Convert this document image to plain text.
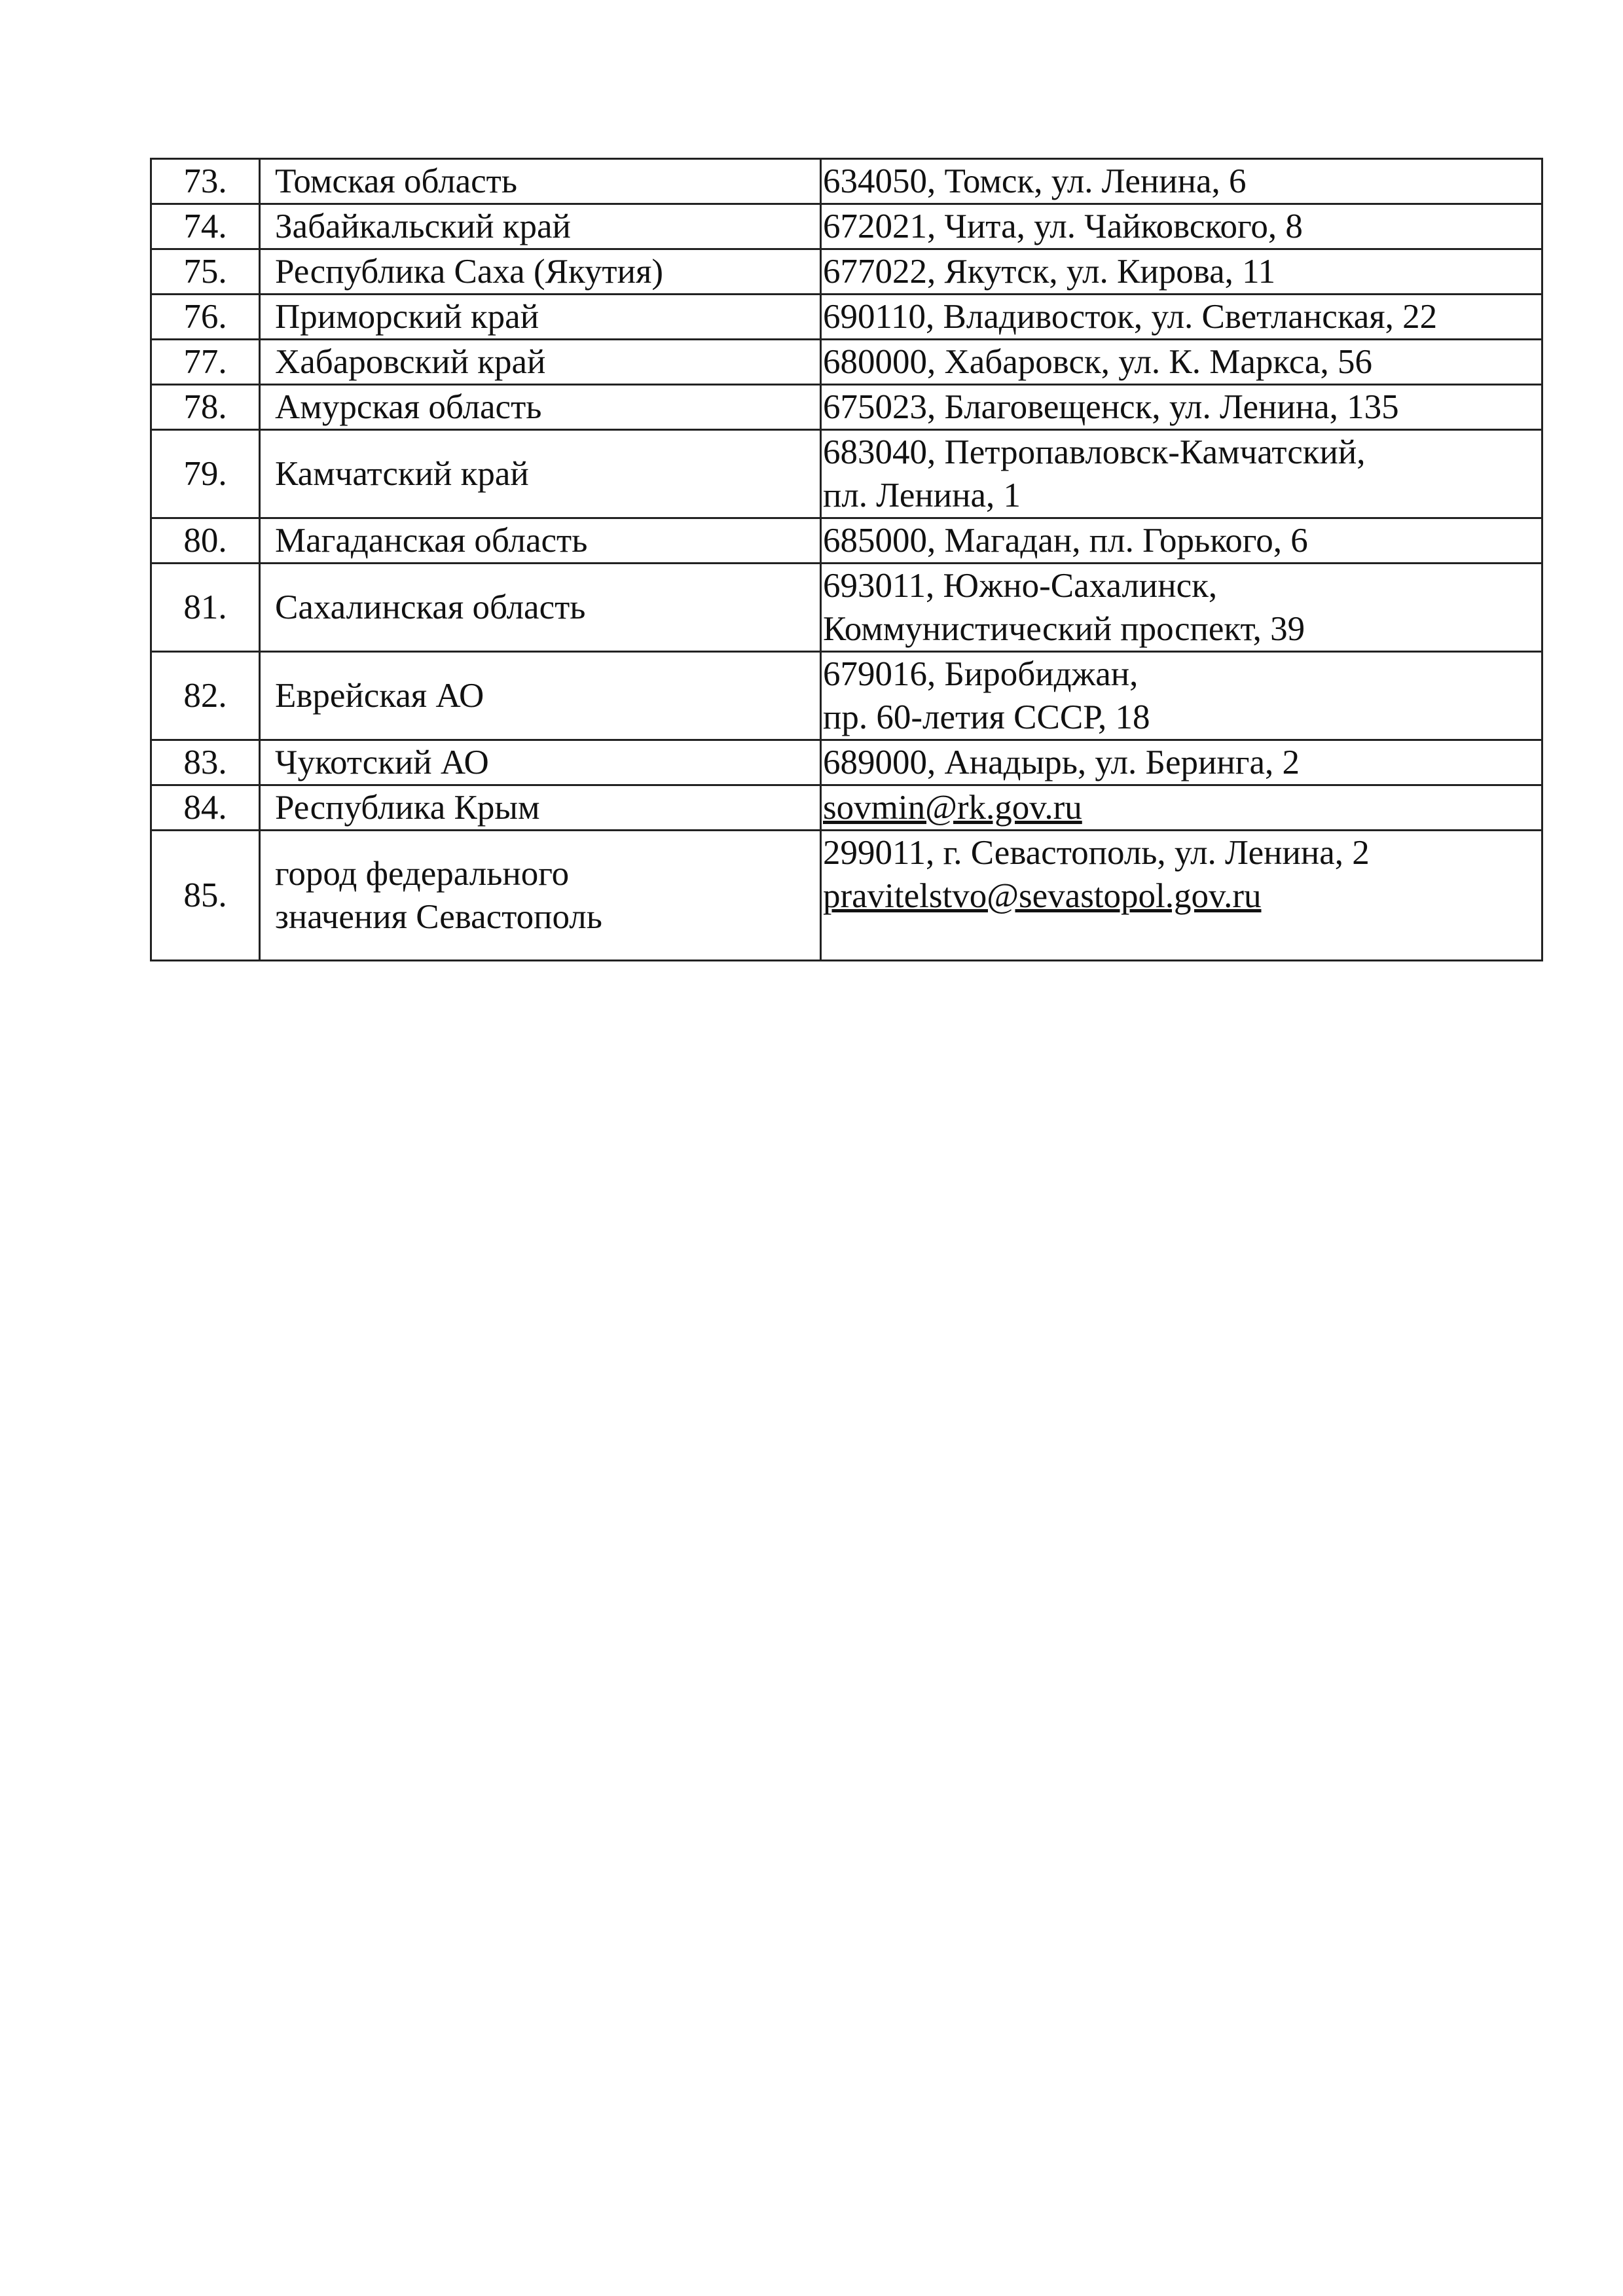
73.	Томская область	634050, Томск, ул. Ленина, 6

74.	Забайкальский край	672021, Чита, ул. Чайковского, 8

75.	Республика Саха (Якутия)	677022, Якутск, ул. Кирова, 11

76.	Приморский край	690110, Владивосток, ул. Светланская, 22

77.	Хабаровский край	680000, Хабаровск, ул. К. Маркса, 56

78.	Амурская область	675023, Благовещенск, ул. Ленина, 135

79.	Камчатский край	683040, Петропавловск-Камчатский,
пл. Ленина, 1

80.	Магаданская область	685000, Магадан, пл. Горького, 6

81.	Сахалинская область	693011, Южно-Сахалинск,
Коммунистический проспект, 39

82.	Еврейская АО	679016, Биробиджан,
пр. 60-летия СССР, 18

83.	Чукотский АО	689000, Анадырь, ул. Беринга, 2

84.	Республика Крым	sovmin@rk.gov.ru

85.	город федерального
значения Севастополь	299011, г. Севастополь, ул. Ленина, 2
pravitelstvo@sevastopol.gov.ru
